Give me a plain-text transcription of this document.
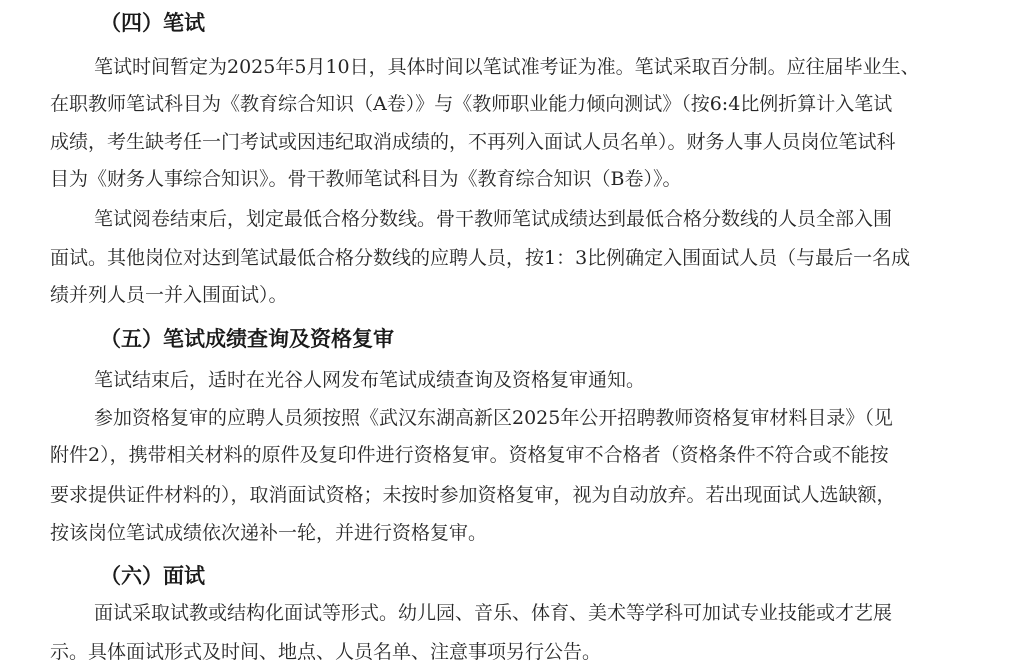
（四）笔试
笔试时间暂定为2025年5月10日，具体时间以笔试准考证为准。笔试采取百分制。应往届毕业生、
在职教师笔试科目为《教育综合知识（A卷）》与《教师职业能力倾向测试》（按6:4比例折算计入笔试
成绩，考生缺考任一门考试或因违纪取消成绩的，不再列入面试人员名单）。财务人事人员岗位笔试科
目为《财务人事综合知识》。骨干教师笔试科目为《教育综合知识（B卷）》。
笔试阅卷结束后，划定最低合格分数线。骨干教师笔试成绩达到最低合格分数线的人员全部入围
面试。其他岗位对达到笔试最低合格分数线的应聘人员，按1：3比例确定入围面试人员（与最后一名成
绩并列人员一并入围面试）。
（五）笔试成绩查询及资格复审
笔试结束后，适时在光谷人网发布笔试成绩查询及资格复审通知。
参加资格复审的应聘人员须按照《武汉东湖高新区2025年公开招聘教师资格复审材料目录》（见
附件2），携带相关材料的原件及复印件进行资格复审。资格复审不合格者（资格条件不符合或不能按
要求提供证件材料的），取消面试资格；未按时参加资格复审，视为自动放弃。若出现面试人选缺额，
按该岗位笔试成绩依次递补一轮，并进行资格复审。
（六）面试
面试采取试教或结构化面试等形式。幼儿园、音乐、体育、美术等学科可加试专业技能或才艺展
示。具体面试形式及时间、地点、人员名单、注意事项另行公告。
